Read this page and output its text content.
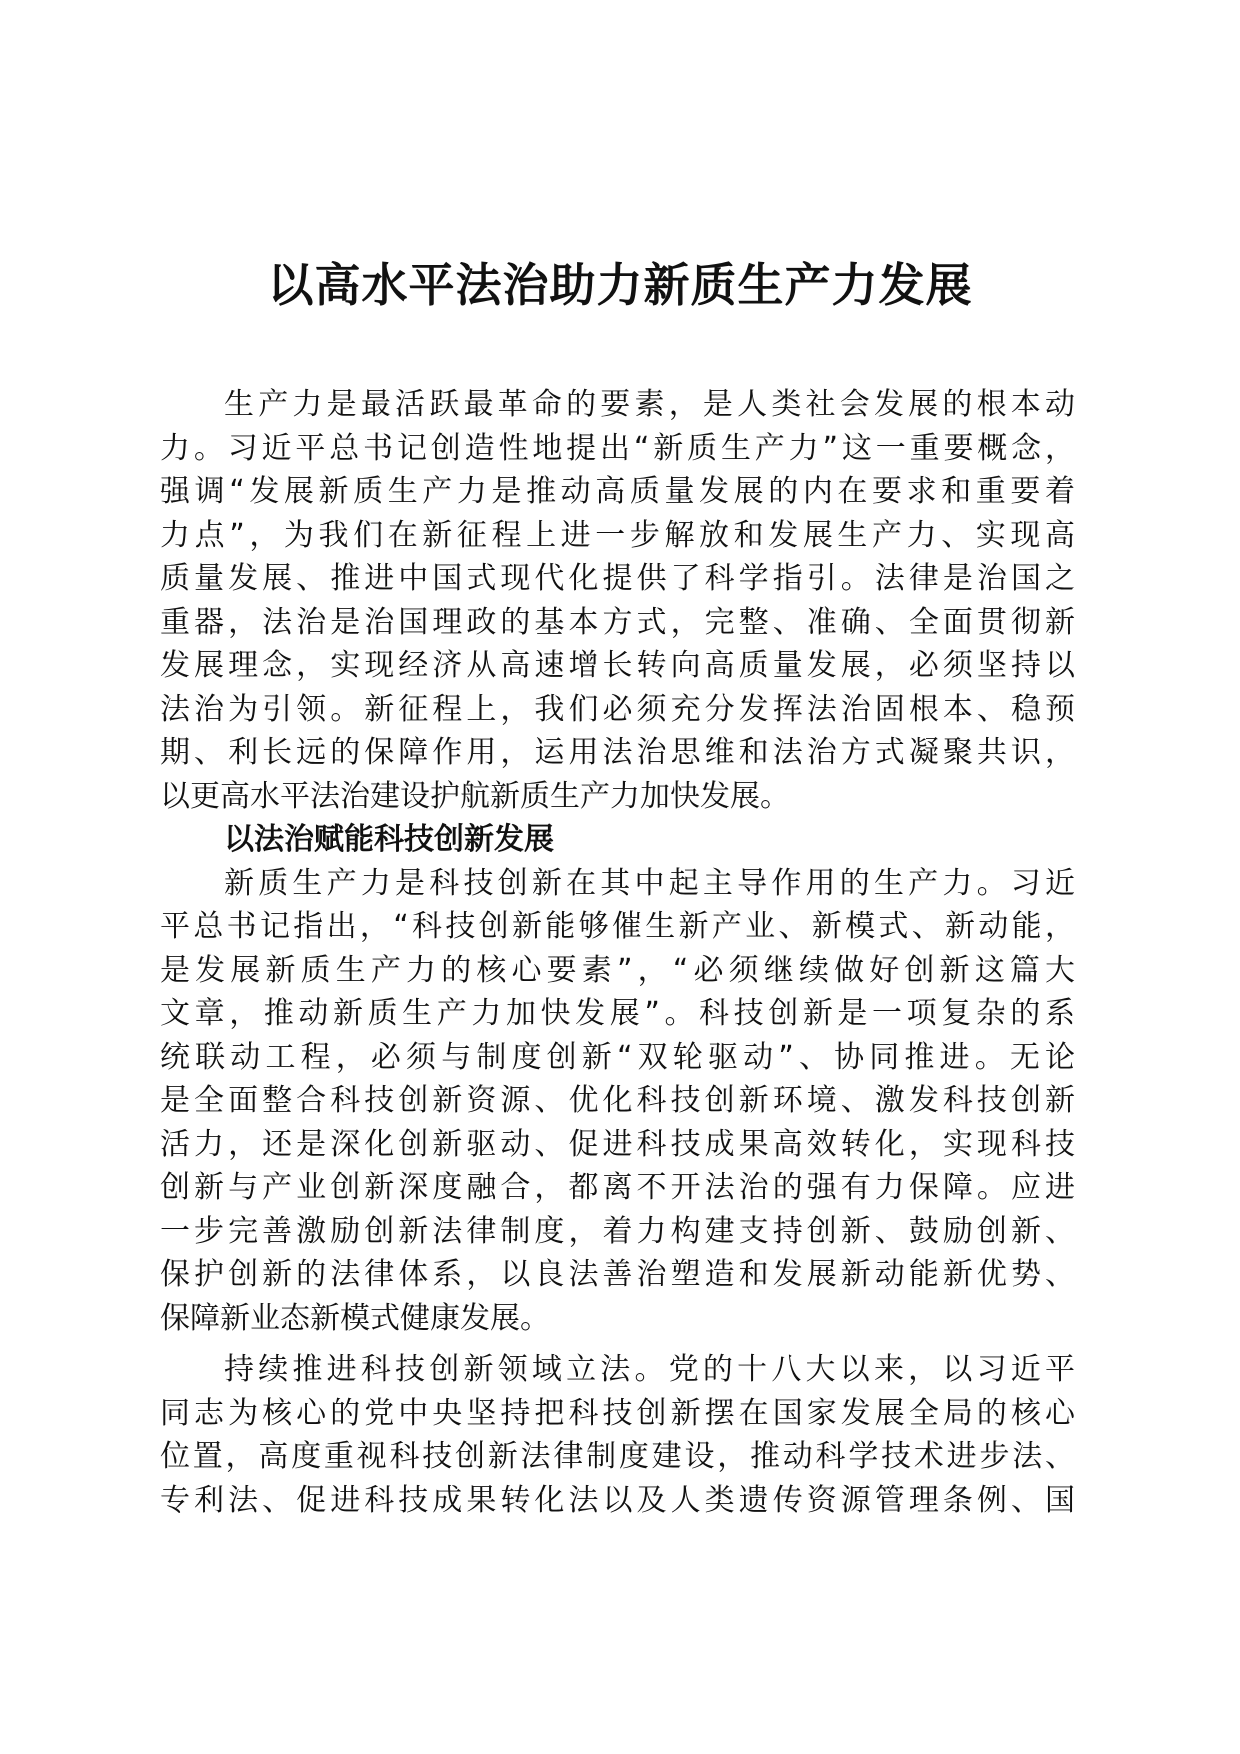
以高水平法治助力新质生产力发展
生产力是最活跃最革命的要素，是人类社会发展的根本动
力。习近平总书记创造性地提出“新质生产力”这一重要概念，
强调“发展新质生产力是推动高质量发展的内在要求和重要着
力点”，为我们在新征程上进一步解放和发展生产力、实现高
质量发展、推进中国式现代化提供了科学指引。法律是治国之
重器，法治是治国理政的基本方式，完整、准确、全面贯彻新
发展理念，实现经济从高速增长转向高质量发展，必须坚持以
法治为引领。新征程上，我们必须充分发挥法治固根本、稳预
期、利长远的保障作用，运用法治思维和法治方式凝聚共识，
以更高水平法治建设护航新质生产力加快发展。
以法治赋能科技创新发展
新质生产力是科技创新在其中起主导作用的生产力。习近
平总书记指出，“科技创新能够催生新产业、新模式、新动能，
是发展新质生产力的核心要素”，“必须继续做好创新这篇大
文章，推动新质生产力加快发展”。科技创新是一项复杂的系
统联动工程，必须与制度创新“双轮驱动”、协同推进。无论
是全面整合科技创新资源、优化科技创新环境、激发科技创新
活力，还是深化创新驱动、促进科技成果高效转化，实现科技
创新与产业创新深度融合，都离不开法治的强有力保障。应进
一步完善激励创新法律制度，着力构建支持创新、鼓励创新、
保护创新的法律体系，以良法善治塑造和发展新动能新优势、
保障新业态新模式健康发展。
持续推进科技创新领域立法。党的十八大以来，以习近平
同志为核心的党中央坚持把科技创新摆在国家发展全局的核心
位置，高度重视科技创新法律制度建设，推动科学技术进步法、
专利法、促进科技成果转化法以及人类遗传资源管理条例、国
